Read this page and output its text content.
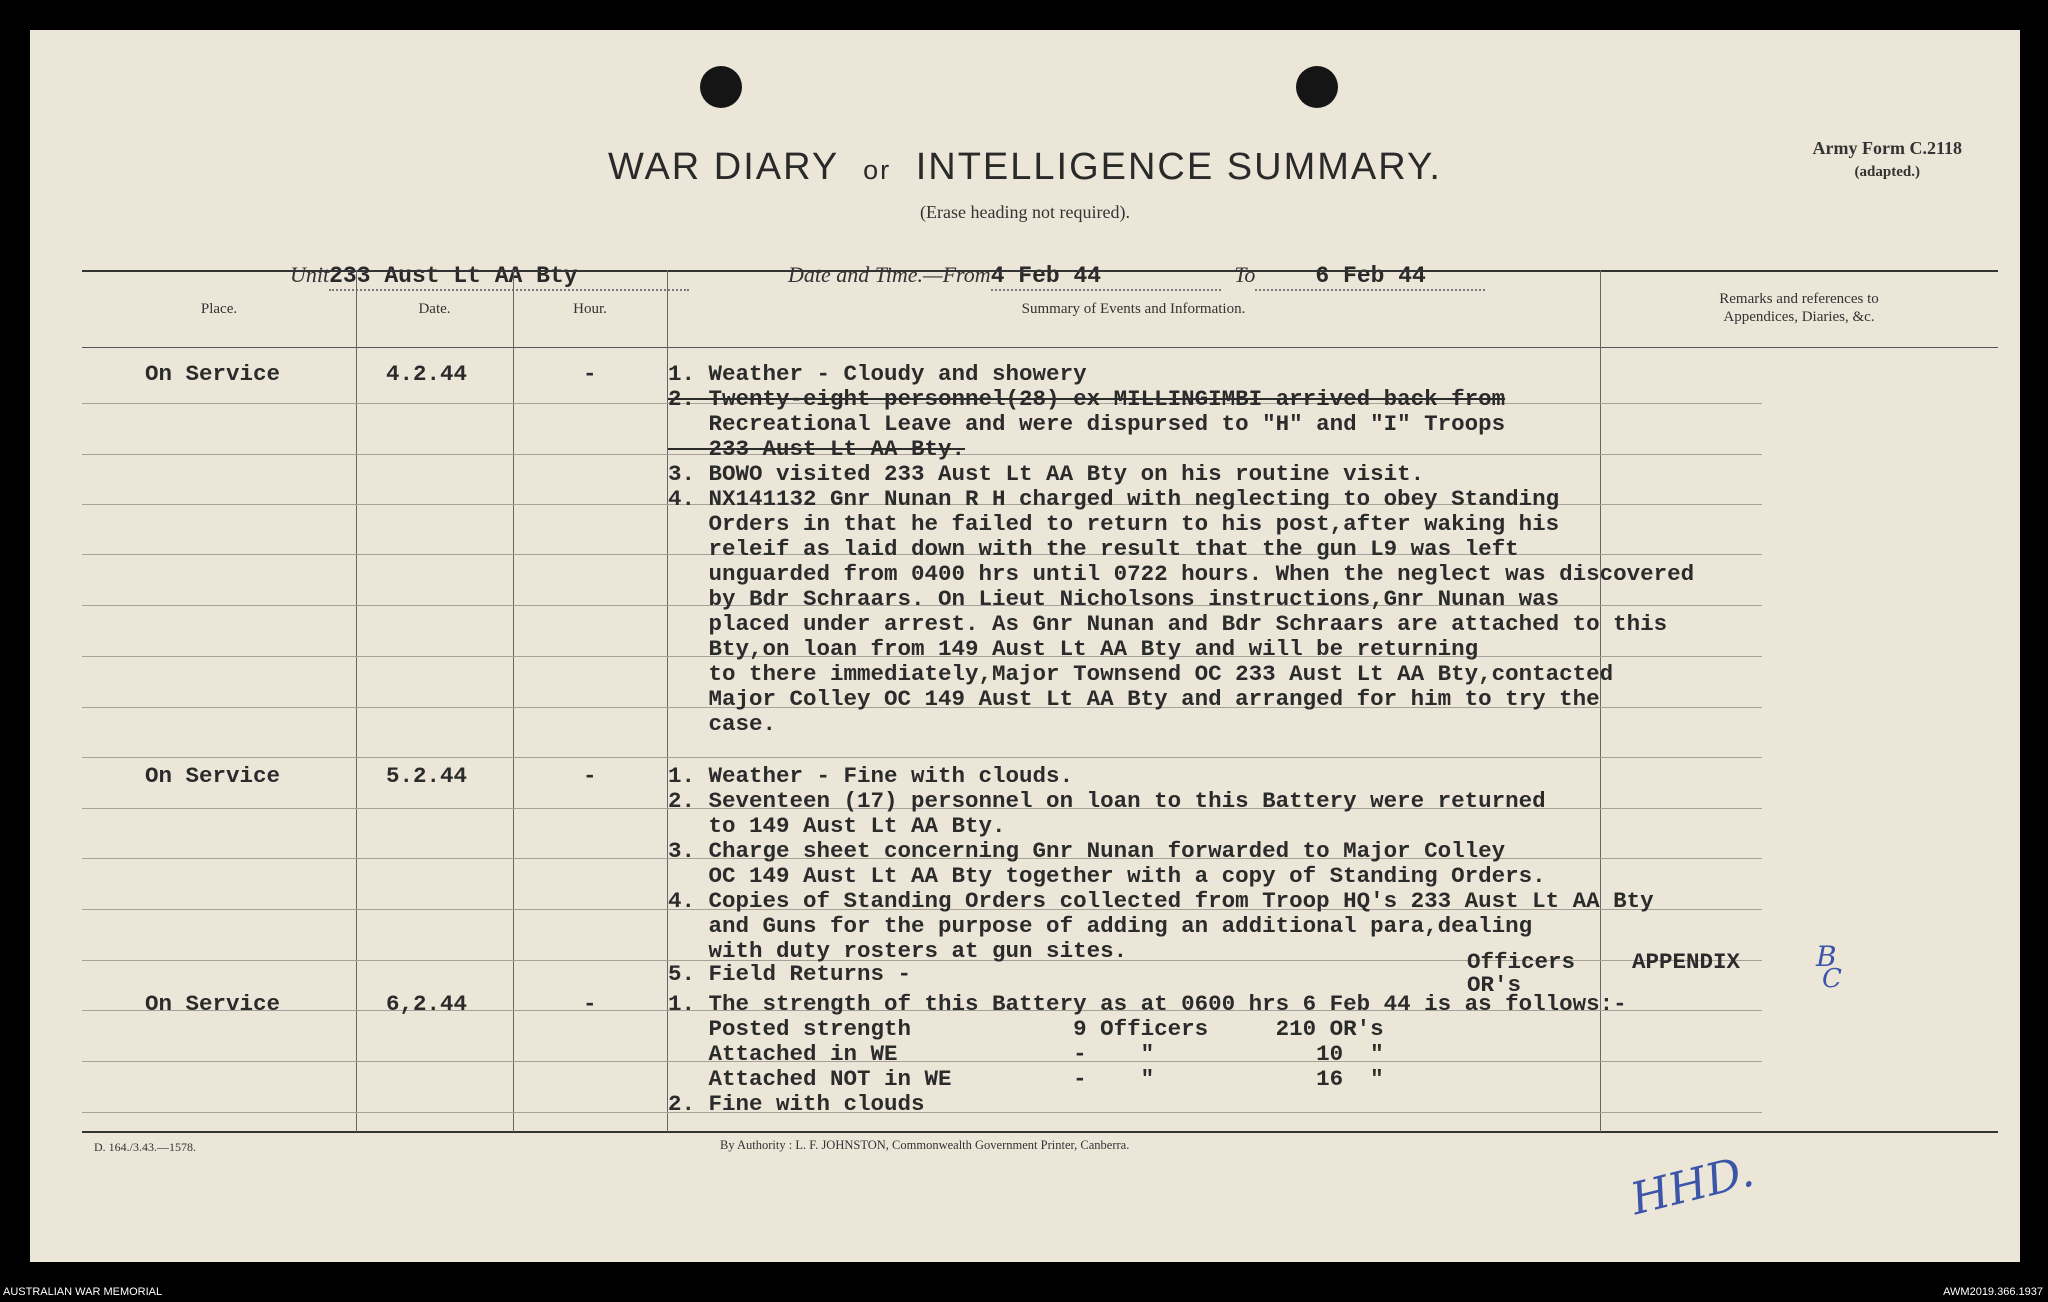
WAR DIARY or INTELLIGENCE SUMMARY.
(Erase heading not required).
Army Form C.2118
(adapted.)
Unit233 Aust Lt AA Bty	Date and Time.—From4 Feb 44	To	6 Feb 44
Place.	Date.	Hour.	Summary of Events and Information.
Remarks and references to
Appendices, Diaries, &c.
On Service	4.2.44	-	1. Weather - Cloudy and showery
2. Twenty-eight personnel(28) ex MILLINGIMBI arrived back from
Recreational Leave and were dispursed to "H" and "I" Troops
233 Aust Lt AA Bty.
3. BOWO visited 233 Aust Lt AA Bty on his routine visit.
4. NX141132 Gnr Nunan R H charged with neglecting to obey Standing
Orders in that he failed to return to his post,after waking his
releif as laid down with the result that the gun L9 was left
unguarded from 0400 hrs until 0722 hours. When the neglect was discovered
by Bdr Schraars. On Lieut Nicholsons instructions,Gnr Nunan was
placed under arrest. As Gnr Nunan and Bdr Schraars are attached to this
Bty,on loan from 149 Aust Lt AA Bty and will be returning
to there immediately,Major Townsend OC 233 Aust Lt AA Bty,contacted
Major Colley OC 149 Aust Lt AA Bty and arranged for him to try the
case.
On Service	5.2.44	-	1. Weather - Fine with clouds.
2. Seventeen (17) personnel on loan to this Battery were returned
to 149 Aust Lt AA Bty.
3. Charge sheet concerning Gnr Nunan forwarded to Major Colley
OC 149 Aust Lt AA Bty together with a copy of Standing Orders.
4. Copies of Standing Orders collected from Troop HQ's 233 Aust Lt AA Bty
and Guns for the purpose of adding an additional para,dealing
with duty rosters at gun sites.
5. Field Returns -	Officers
OR's
APPENDIX	B
C
On Service	6,2.44	-	1. The strength of this Battery as at 0600 hrs 6 Feb 44 is as follows:-
Posted strength            9 Officers     210 OR's
Attached in WE             -    "            10  "
Attached NOT in WE         -    "            16  "
2. Fine with clouds
D. 164./3.43.—1578.	By Authority : L. F. JOHNSTON, Commonwealth Government Printer, Canberra.
HHD.
AUSTRALIAN WAR MEMORIAL	AWM2019.366.1937
